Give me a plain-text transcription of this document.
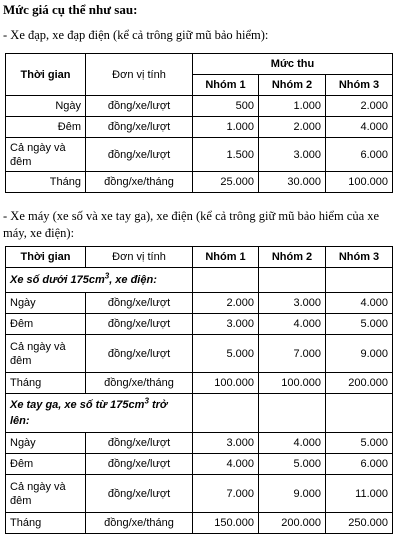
Mức giá cụ thể như sau:
- Xe đạp, xe đạp điện (kể cả trông giữ mũ bảo hiểm):
Thời gian	Đơn vị tính	Mức thu		
		Nhóm 1	Nhóm 2	Nhóm 3
Ngày	đồng/xe/lượt	500	1.000	2.000
Đêm	đồng/xe/lượt	1.000	2.000	4.000
Cả ngày và đêm	đồng/xe/lượt	1.500	3.000	6.000
Tháng	đồng/xe/tháng	25.000	30.000	100.000
- Xe máy (xe số và xe tay ga), xe điện (kể cả trông giữ mũ bảo hiểm của xe máy, xe điện):
Thời gian	Đơn vị tính	Nhóm 1	Nhóm 2	Nhóm 3
Xe số dưới $175cm^3$, xe điện:				
Ngày	đồng/xe/lượt	2.000	3.000	4.000
Đêm	đồng/xe/lượt	3.000	4.000	5.000
Cả ngày và đêm	đồng/xe/lượt	5.000	7.000	9.000
Tháng	đồng/xe/tháng	100.000	100.000	200.000
Xe tay ga, xe số từ $175cm^3$ trở lên:				
Ngày	đồng/xe/lượt	3.000	4.000	5.000
Đêm	đồng/xe/lượt	4.000	5.000	6.000
Cả ngày và đêm	đồng/xe/lượt	7.000	9.000	11.000
Tháng	đồng/xe/tháng	150.000	200.000	250.000
